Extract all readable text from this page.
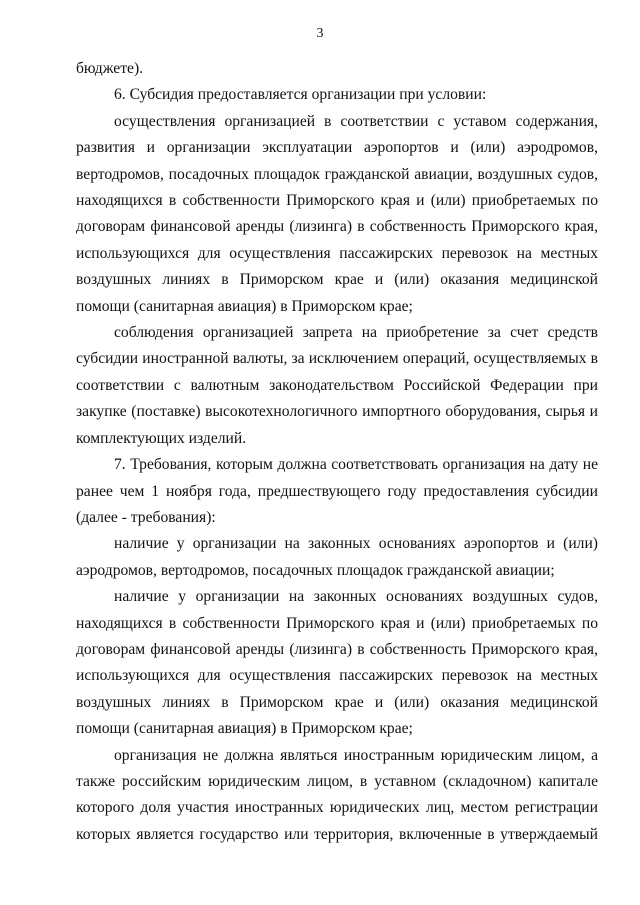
3

бюджете).

6. Субсидия предоставляется организации при условии:

осуществления организацией в соответствии с уставом содержания, развития и организации эксплуатации аэропортов и (или) аэродромов, вертодромов, посадочных площадок гражданской авиации, воздушных судов, находящихся в собственности Приморского края и (или) приобретаемых по договорам финансовой аренды (лизинга) в собственность Приморского края, использующихся для осуществления пассажирских перевозок на местных воздушных линиях в Приморском крае и (или) оказания медицинской помощи (санитарная авиация) в Приморском крае;

соблюдения организацией запрета на приобретение за счет средств субсидии иностранной валюты, за исключением операций, осуществляемых в соответствии с валютным законодательством Российской Федерации при закупке (поставке) высокотехнологичного импортного оборудования, сырья и комплектующих изделий.

7. Требования, которым должна соответствовать организация на дату не ранее чем 1 ноября года, предшествующего году предоставления субсидии (далее - требования):

наличие у организации на законных основаниях аэропортов и (или) аэродромов, вертодромов, посадочных площадок гражданской авиации;

наличие у организации на законных основаниях воздушных судов, находящихся в собственности Приморского края и (или) приобретаемых по договорам финансовой аренды (лизинга) в собственность Приморского края, использующихся для осуществления пассажирских перевозок на местных воздушных линиях в Приморском крае и (или) оказания медицинской помощи (санитарная авиация) в Приморском крае;

организация не должна являться иностранным юридическим лицом, а также российским юридическим лицом, в уставном (складочном) капитале которого доля участия иностранных юридических лиц, местом регистрации которых является государство или территория, включенные в утверждаемый
